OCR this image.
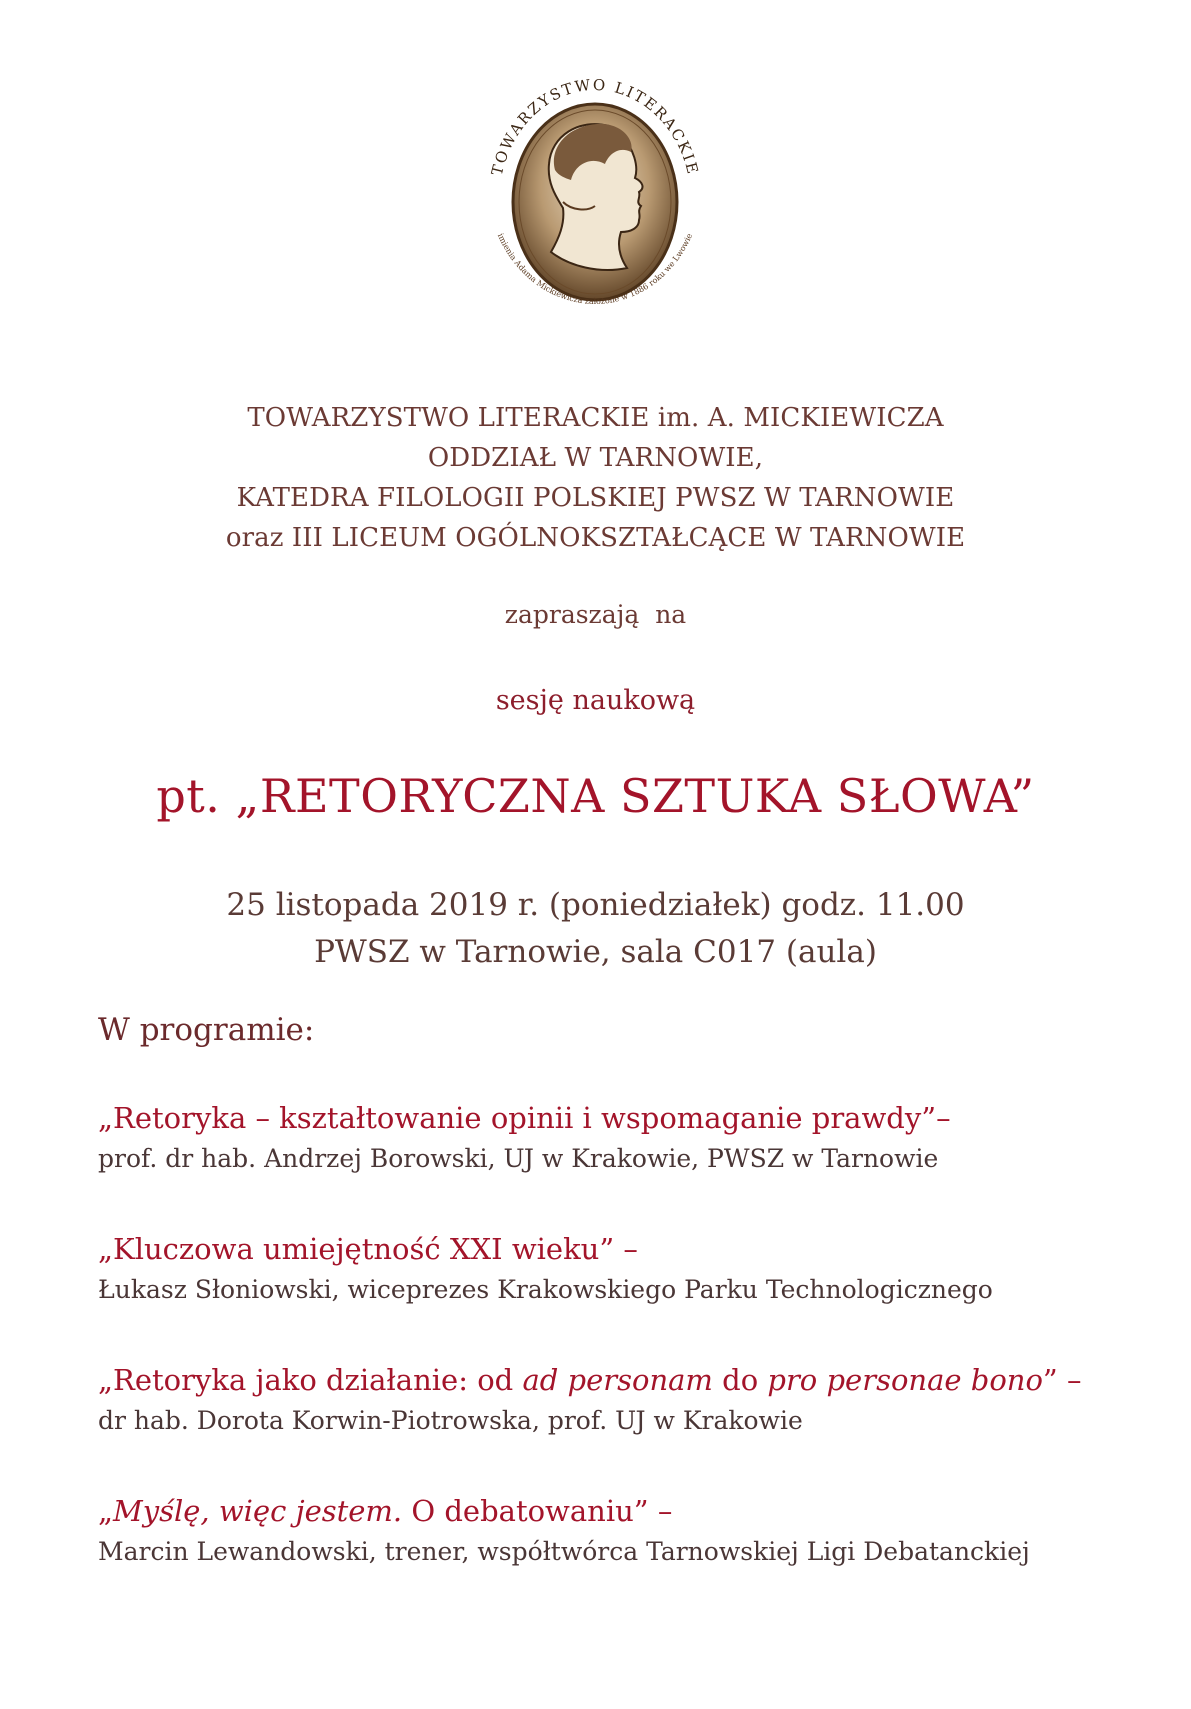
TOWARZYSTWO LITERACKIE
imienia Adama Mickiewicza założone w 1886 roku we Lwowie
TOWARZYSTWO LITERACKIE im. A. MICKIEWICZA
ODDZIAŁ W TARNOWIE,
KATEDRA FILOLOGII POLSKIEJ PWSZ W TARNOWIE
oraz III LICEUM OGÓLNOKSZTAŁCĄCE W TARNOWIE
zapraszają  na
sesję naukową
pt. „RETORYCZNA SZTUKA SŁOWA”
25 listopada 2019 r. (poniedziałek) godz. 11.00
PWSZ w Tarnowie, sala C017 (aula)
W programie:
„Retoryka – kształtowanie opinii i wspomaganie prawdy”–
prof. dr hab. Andrzej Borowski, UJ w Krakowie, PWSZ w Tarnowie
„Kluczowa umiejętność XXI wieku” –
Łukasz Słoniowski, wiceprezes Krakowskiego Parku Technologicznego
„Retoryka jako działanie: od ad personam do pro personae bono” –
dr hab. Dorota Korwin-Piotrowska, prof. UJ w Krakowie
„Myślę, więc jestem. O debatowaniu” –
Marcin Lewandowski, trener, współtwórca Tarnowskiej Ligi Debatanckiej
